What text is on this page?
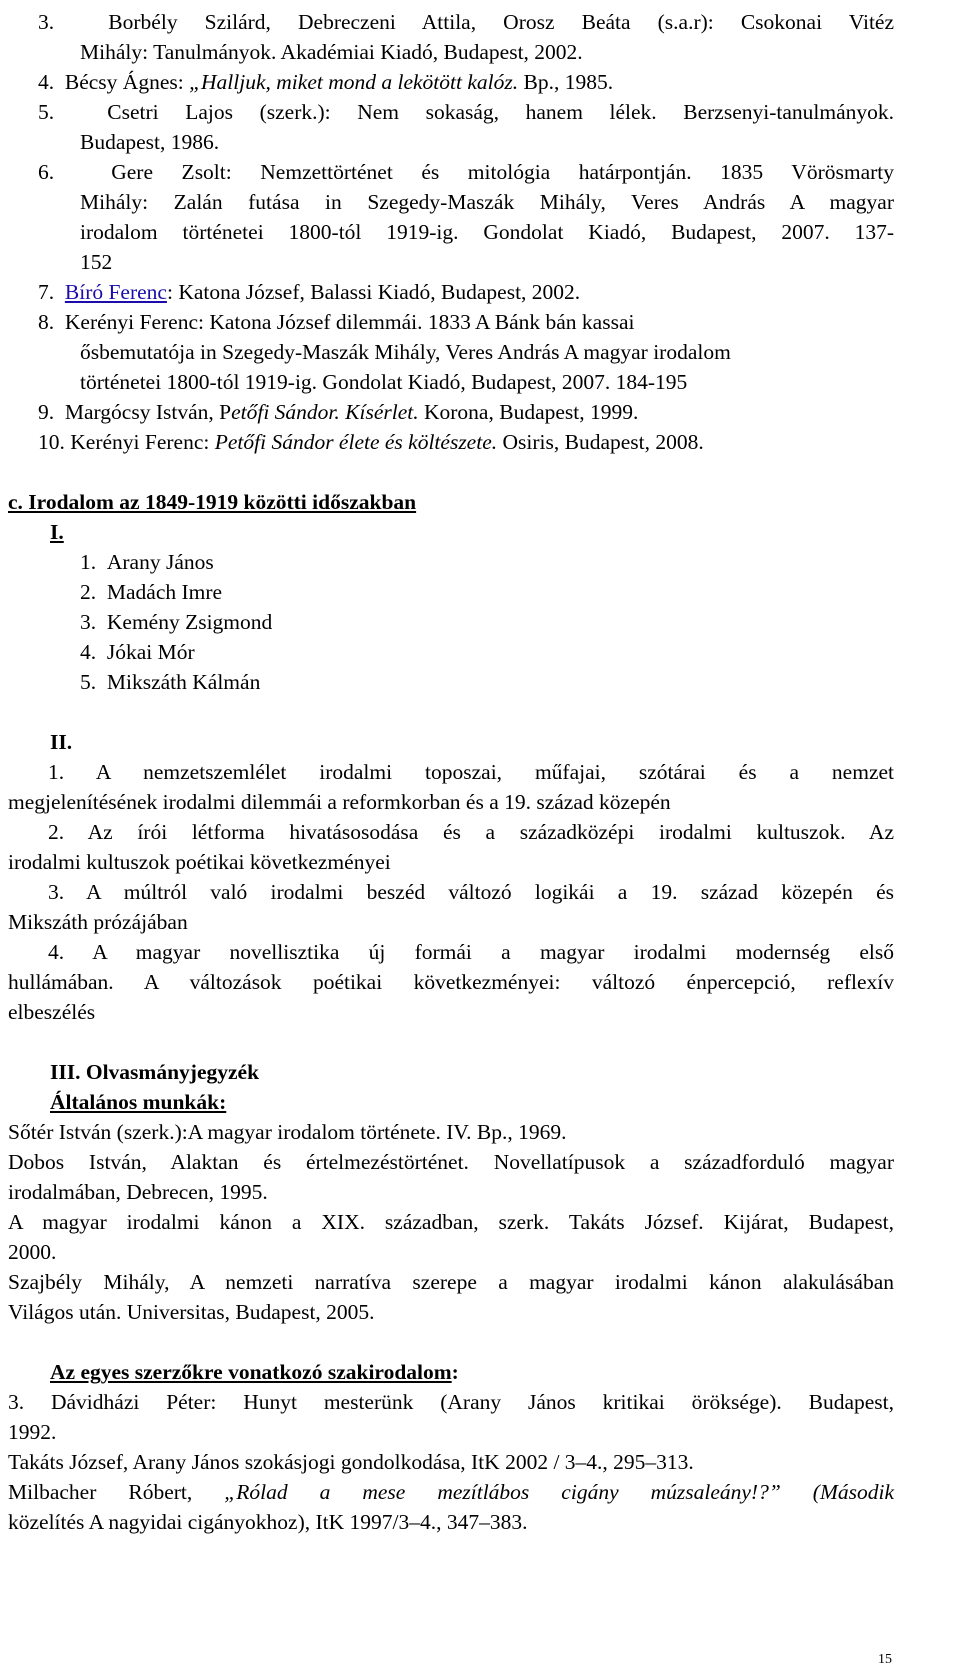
3.	Borbély Szilárd, Debreczeni Attila, Orosz Beáta (s.a.r): Csokonai Vitéz
Mihály: Tanulmányok. Akadémiai Kiadó, Budapest, 2002.
4. Bécsy Ágnes: „Halljuk, miket mond a lekötött kalóz. Bp., 1985.
5. Csetri Lajos (szerk.): Nem sokaság, hanem lélek. Berzsenyi-tanulmányok.
Budapest, 1986.
6.	Gere Zsolt: Nemzettörténet és mitológia határpontján. 1835 Vörösmarty
Mihály: Zalán futása in Szegedy-Maszák Mihály, Veres András A magyar
irodalom történetei 1800-tól 1919-ig. Gondolat Kiadó, Budapest, 2007. 137-
152
7. Bíró Ferenc: Katona József, Balassi Kiadó, Budapest, 2002.
8. Kerényi Ferenc: Katona József dilemmái. 1833 A Bánk bán kassai
ősbemutatója in Szegedy-Maszák Mihály, Veres András A magyar irodalom
történetei 1800-tól 1919-ig. Gondolat Kiadó, Budapest, 2007. 184-195
9. Margócsy István, Petőfi Sándor. Kísérlet. Korona, Budapest, 1999.
10. Kerényi Ferenc: Petőfi Sándor élete és költészete. Osiris, Budapest, 2008.
c. Irodalom az 1849-1919 közötti időszakban
I.
1. Arany János
2. Madách Imre
3. Kemény Zsigmond
4. Jókai Mór
5. Mikszáth Kálmán
II.
1. A nemzetszemlélet irodalmi toposzai, műfajai, szótárai és a nemzet
megjelenítésének irodalmi dilemmái a reformkorban és a 19. század közepén
2. Az írói létforma hivatásosodása és a századközépi irodalmi kultuszok. Az
irodalmi kultuszok poétikai következményei
3. A múltról való irodalmi beszéd változó logikái a 19. század közepén és
Mikszáth prózájában
4. A magyar novellisztika új formái a magyar irodalmi modernség első
hullámában. A változások poétikai következményei: változó énpercepció, reflexív
elbeszélés
III. Olvasmányjegyzék
Általános munkák:
Sőtér István (szerk.):A magyar irodalom története. IV. Bp., 1969.
Dobos István, Alaktan és értelmezéstörténet. Novellatípusok a századforduló magyar
irodalmában, Debrecen, 1995.
A magyar irodalmi kánon a XIX. században, szerk. Takáts József. Kijárat, Budapest,
2000.
Szajbély Mihály, A nemzeti narratíva szerepe a magyar irodalmi kánon alakulásában
Világos után. Universitas, Budapest, 2005.
Az egyes szerzőkre vonatkozó szakirodalom:
3. Dávidházi Péter: Hunyt mesterünk (Arany János kritikai öröksége). Budapest,
1992.
Takáts József, Arany János szokásjogi gondolkodása, ItK 2002 / 3–4., 295–313.
Milbacher Róbert, „Rólad a mese mezítlábos cigány múzsaleány!?” (Második
közelítés A nagyidai cigányokhoz), ItK 1997/3–4., 347–383.
15
